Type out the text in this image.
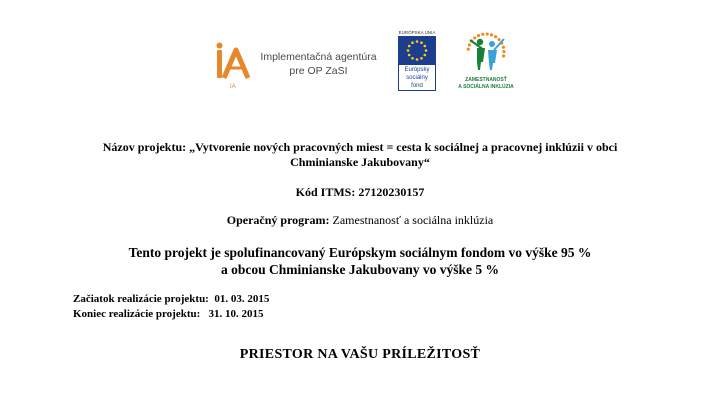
IA
Implementačná agentúra
pre OP ZaSI
EURÓPSKA ÚNIA
Európsky
sociálny
fond
ZAMESTNANOSŤ
A SOCIÁLNA INKLÚZIA
Názov projektu: „Vytvorenie nových pracovných miest = cesta k sociálnej a pracovnej inklúzii v obci
Chminianske Jakubovany“
Kód ITMS: 27120230157
Operačný program: Zamestnanosť a sociálna inklúzia
Tento projekt je spolufinancovaný Európskym sociálnym fondom vo výške 95 %
a obcou Chminianske Jakubovany vo výške 5 %
Začiatok realizácie projektu: 01. 03. 2015
Koniec realizácie projektu: 31. 10. 2015
PRIESTOR NA VAŠU PRÍLEŽITOSŤ
